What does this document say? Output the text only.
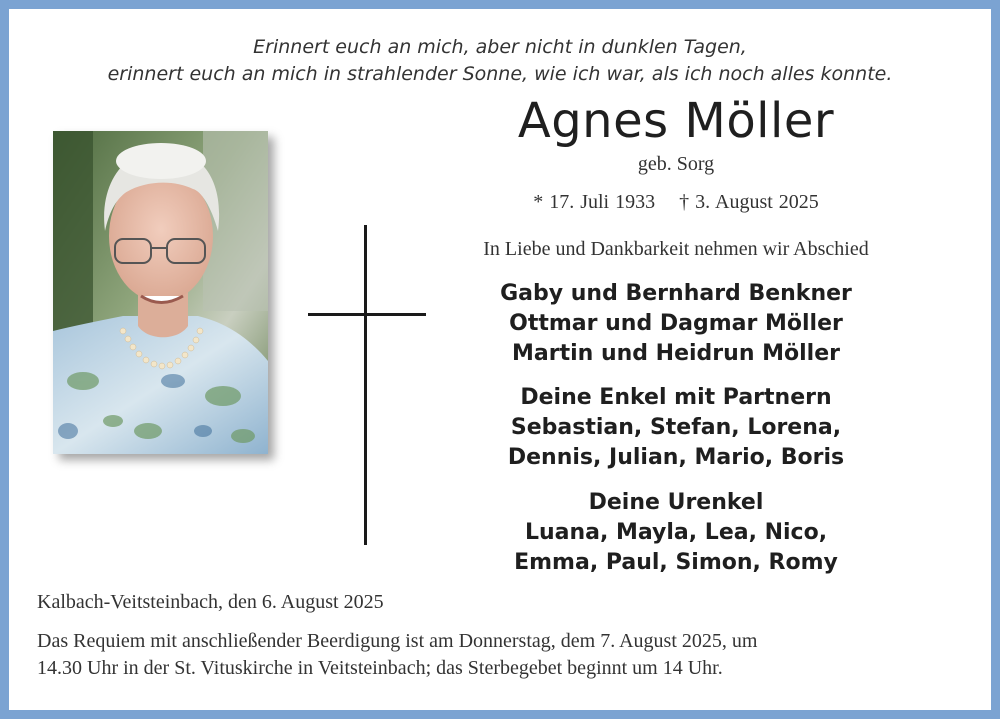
Erinnert euch an mich, aber nicht in dunklen Tagen,
erinnert euch an mich in strahlender Sonne, wie ich war, als ich noch alles konnte.
Agnes Möller
geb. Sorg
* 17. Juli 1933 † 3. August 2025
In Liebe und Dankbarkeit nehmen wir Abschied
Gaby und Bernhard Benkner
Ottmar und Dagmar Möller
Martin und Heidrun Möller
Deine Enkel mit Partnern
Sebastian, Stefan, Lorena,
Dennis, Julian, Mario, Boris
Deine Urenkel
Luana, Mayla, Lea, Nico,
Emma, Paul, Simon, Romy
Kalbach-Veitsteinbach, den 6. August 2025
Das Requiem mit anschließender Beerdigung ist am Donnerstag, dem 7. August 2025, um
14.30 Uhr in der St. Vituskirche in Veitsteinbach; das Sterbegebet beginnt um 14 Uhr.
